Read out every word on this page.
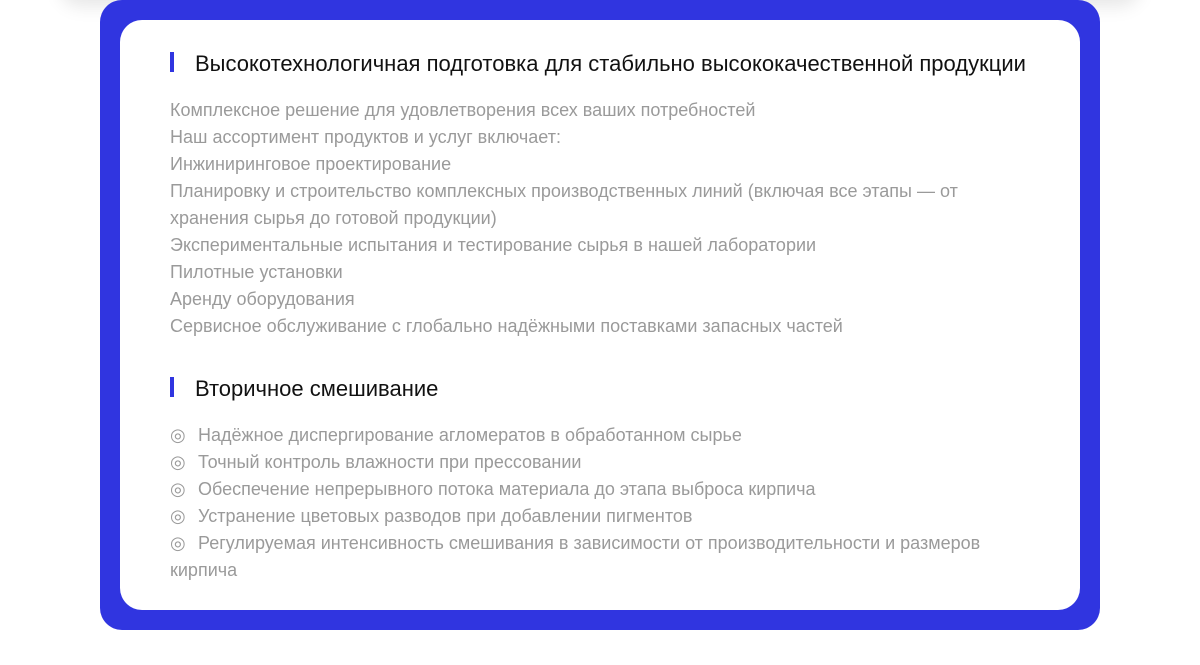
Высокотехнологичная подготовка для стабильно высококачественной продукции
Комплексное решение для удовлетворения всех ваших потребностей
Наш ассортимент продуктов и услуг включает:
Инжиниринговое проектирование
Планировку и строительство комплексных производственных линий (включая все этапы — от
хранения сырья до готовой продукции)
Экспериментальные испытания и тестирование сырья в нашей лаборатории
Пилотные установки
Аренду оборудования
Сервисное обслуживание с глобально надёжными поставками запасных частей
Вторичное смешивание
◎ Надёжное диспергирование агломератов в обработанном сырье
◎ Точный контроль влажности при прессовании
◎ Обеспечение непрерывного потока материала до этапа выброса кирпича
◎ Устранение цветовых разводов при добавлении пигментов
◎ Регулируемая интенсивность смешивания в зависимости от производительности и размеров
кирпича
